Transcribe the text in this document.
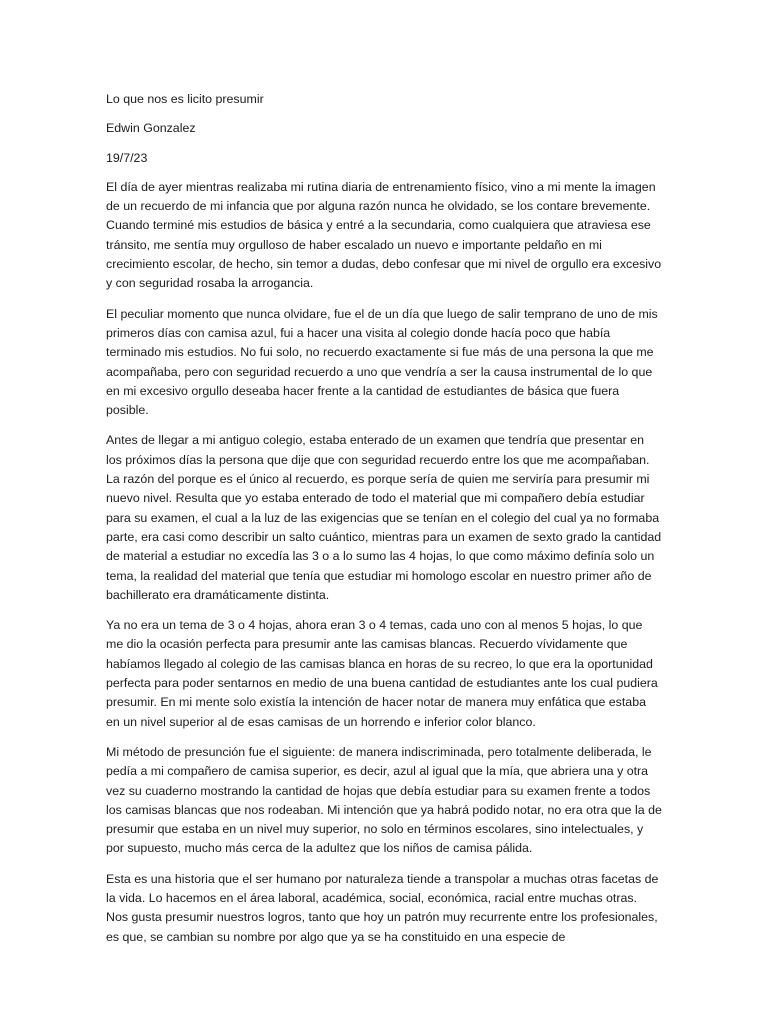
Lo que nos es licito presumir

Edwin Gonzalez

19/7/23

El día de ayer mientras realizaba mi rutina diaria de entrenamiento físico, vino a mi mente la imagen de un recuerdo de mi infancia que por alguna razón nunca he olvidado, se los contare brevemente. Cuando terminé mis estudios de básica y entré a la secundaria, como cualquiera que atraviesa ese tránsito, me sentía muy orgulloso de haber escalado un nuevo e importante peldaño en mi crecimiento escolar, de hecho, sin temor a dudas, debo confesar que mi nivel de orgullo era excesivo y con seguridad rosaba la arrogancia.

El peculiar momento que nunca olvidare, fue el de un día que luego de salir temprano de uno de mis primeros días con camisa azul, fui a hacer una visita al colegio donde hacía poco que había terminado mis estudios. No fui solo, no recuerdo exactamente si fue más de una persona la que me acompañaba, pero con seguridad recuerdo a uno que vendría a ser la causa instrumental de lo que en mi excesivo orgullo deseaba hacer frente a la cantidad de estudiantes de básica que fuera posible.

Antes de llegar a mi antiguo colegio, estaba enterado de un examen que tendría que presentar en los próximos días la persona que dije que con seguridad recuerdo entre los que me acompañaban. La razón del porque es el único al recuerdo, es porque sería de quien me serviría para presumir mi nuevo nivel. Resulta que yo estaba enterado de todo el material que mi compañero debía estudiar para su examen, el cual a la luz de las exigencias que se tenían en el colegio del cual ya no formaba parte, era casi como describir un salto cuántico, mientras para un examen de sexto grado la cantidad de material a estudiar no excedía las 3 o a lo sumo las 4 hojas, lo que como máximo definía solo un tema, la realidad del material que tenía que estudiar mi homologo escolar en nuestro primer año de bachillerato era dramáticamente distinta.

Ya no era un tema de 3 o 4 hojas, ahora eran 3 o 4 temas, cada uno con al menos 5 hojas, lo que me dio la ocasión perfecta para presumir ante las camisas blancas. Recuerdo vívidamente que habíamos llegado al colegio de las camisas blanca en horas de su recreo, lo que era la oportunidad perfecta para poder sentarnos en medio de una buena cantidad de estudiantes ante los cual pudiera presumir. En mi mente solo existía la intención de hacer notar de manera muy enfática que estaba en un nivel superior al de esas camisas de un horrendo e inferior color blanco.

Mi método de presunción fue el siguiente: de manera indiscriminada, pero totalmente deliberada, le pedía a mi compañero de camisa superior, es decir, azul al igual que la mía, que abriera una y otra vez su cuaderno mostrando la cantidad de hojas que debía estudiar para su examen frente a todos los camisas blancas que nos rodeaban. Mi intención que ya habrá podido notar, no era otra que la de presumir que estaba en un nivel muy superior, no solo en términos escolares, sino intelectuales, y por supuesto, mucho más cerca de la adultez que los niños de camisa pálida.

Esta es una historia que el ser humano por naturaleza tiende a transpolar a muchas otras facetas de la vida. Lo hacemos en el área laboral, académica, social, económica, racial entre muchas otras. Nos gusta presumir nuestros logros, tanto que hoy un patrón muy recurrente entre los profesionales, es que, se cambian su nombre por algo que ya se ha constituido en una especie de
